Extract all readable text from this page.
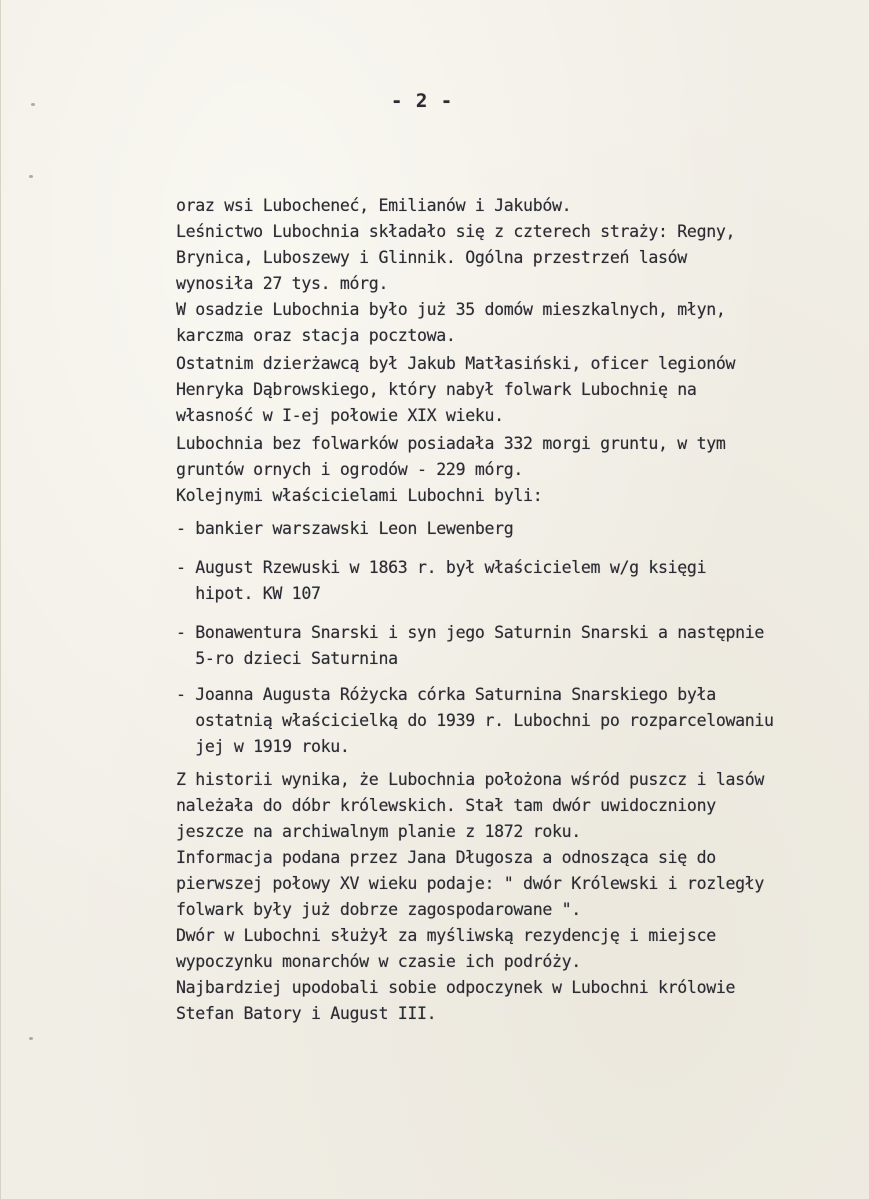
- 2 -
oraz wsi Lubocheneć, Emilianów i Jakubów.
Leśnictwo Lubochnia składało się z czterech straży: Regny,
Brynica, Luboszewy i Glinnik. Ogólna przestrzeń lasów
wynosiła 27 tys. mórg.
W osadzie Lubochnia było już 35 domów mieszkalnych, młyn,
karczma oraz stacja pocztowa.
Ostatnim dzierżawcą był Jakub Matłasiński, oficer legionów
Henryka Dąbrowskiego, który nabył folwark Lubochnię na
własność w I-ej połowie XIX wieku.
Lubochnia bez folwarków posiadała 332 morgi gruntu, w tym
gruntów ornych i ogrodów - 229 mórg.
Kolejnymi właścicielami Lubochni byli:
- bankier warszawski Leon Lewenberg
- August Rzewuski w 1863 r. był właścicielem w/g księgi
hipot. KW 107
- Bonawentura Snarski i syn jego Saturnin Snarski a następnie
5-ro dzieci Saturnina
- Joanna Augusta Różycka córka Saturnina Snarskiego była
ostatnią właścicielką do 1939 r. Lubochni po rozparcelowaniu
jej w 1919 roku.
Z historii wynika, że Lubochnia położona wśród puszcz i lasów
należała do dóbr królewskich. Stał tam dwór uwidoczniony
jeszcze na archiwalnym planie z 1872 roku.
Informacja podana przez Jana Długosza a odnosząca się do
pierwszej połowy XV wieku podaje: " dwór Królewski i rozległy
folwark były już dobrze zagospodarowane ".
Dwór w Lubochni służył za myśliwską rezydencję i miejsce
wypoczynku monarchów w czasie ich podróży.
Najbardziej upodobali sobie odpoczynek w Lubochni królowie
Stefan Batory i August III.
